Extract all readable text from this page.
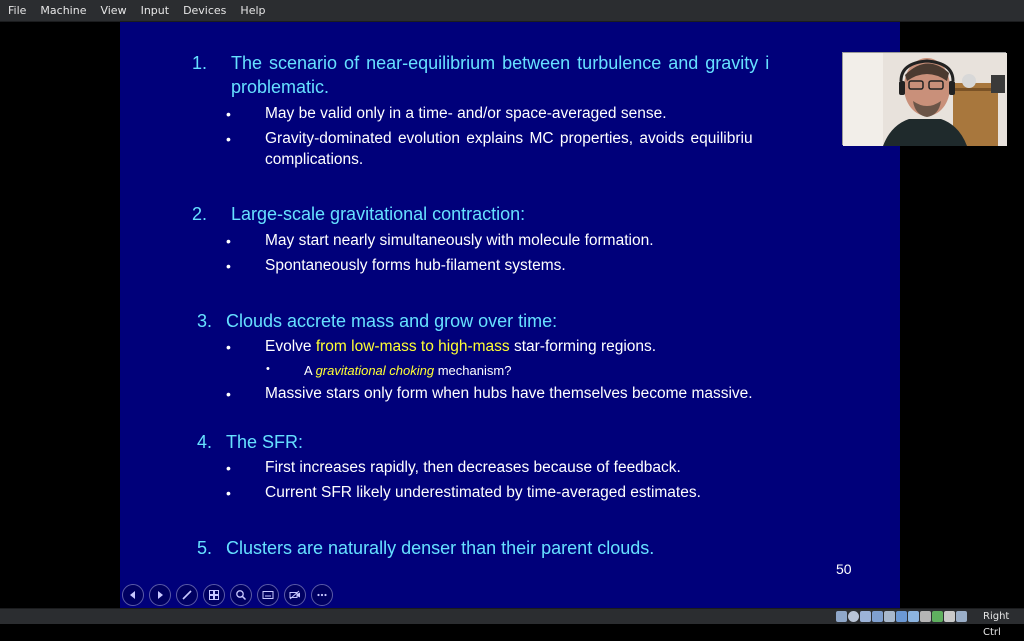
File	Machine	View	Input	Devices	Help
1. The scenario of near-equilibrium between turbulence and gravity i
problematic.
• May be valid only in a time- and/or space-averaged sense.
• Gravity-dominated evolution explains MC properties, avoids equilibriu
complications.
2. Large-scale gravitational contraction:
• May start nearly simultaneously with molecule formation.
• Spontaneously forms hub-filament systems.
3. Clouds accrete mass and grow over time:
• Evolve from low-mass to high-mass star-forming regions.
•	A gravitational choking mechanism?
• Massive stars only form when hubs have themselves become massive.
4. The SFR:
• First increases rapidly, then decreases because of feedback.
• Current SFR likely underestimated by time-averaged estimates.
5. Clusters are naturally denser than their parent clouds.
50
Right Ctrl
